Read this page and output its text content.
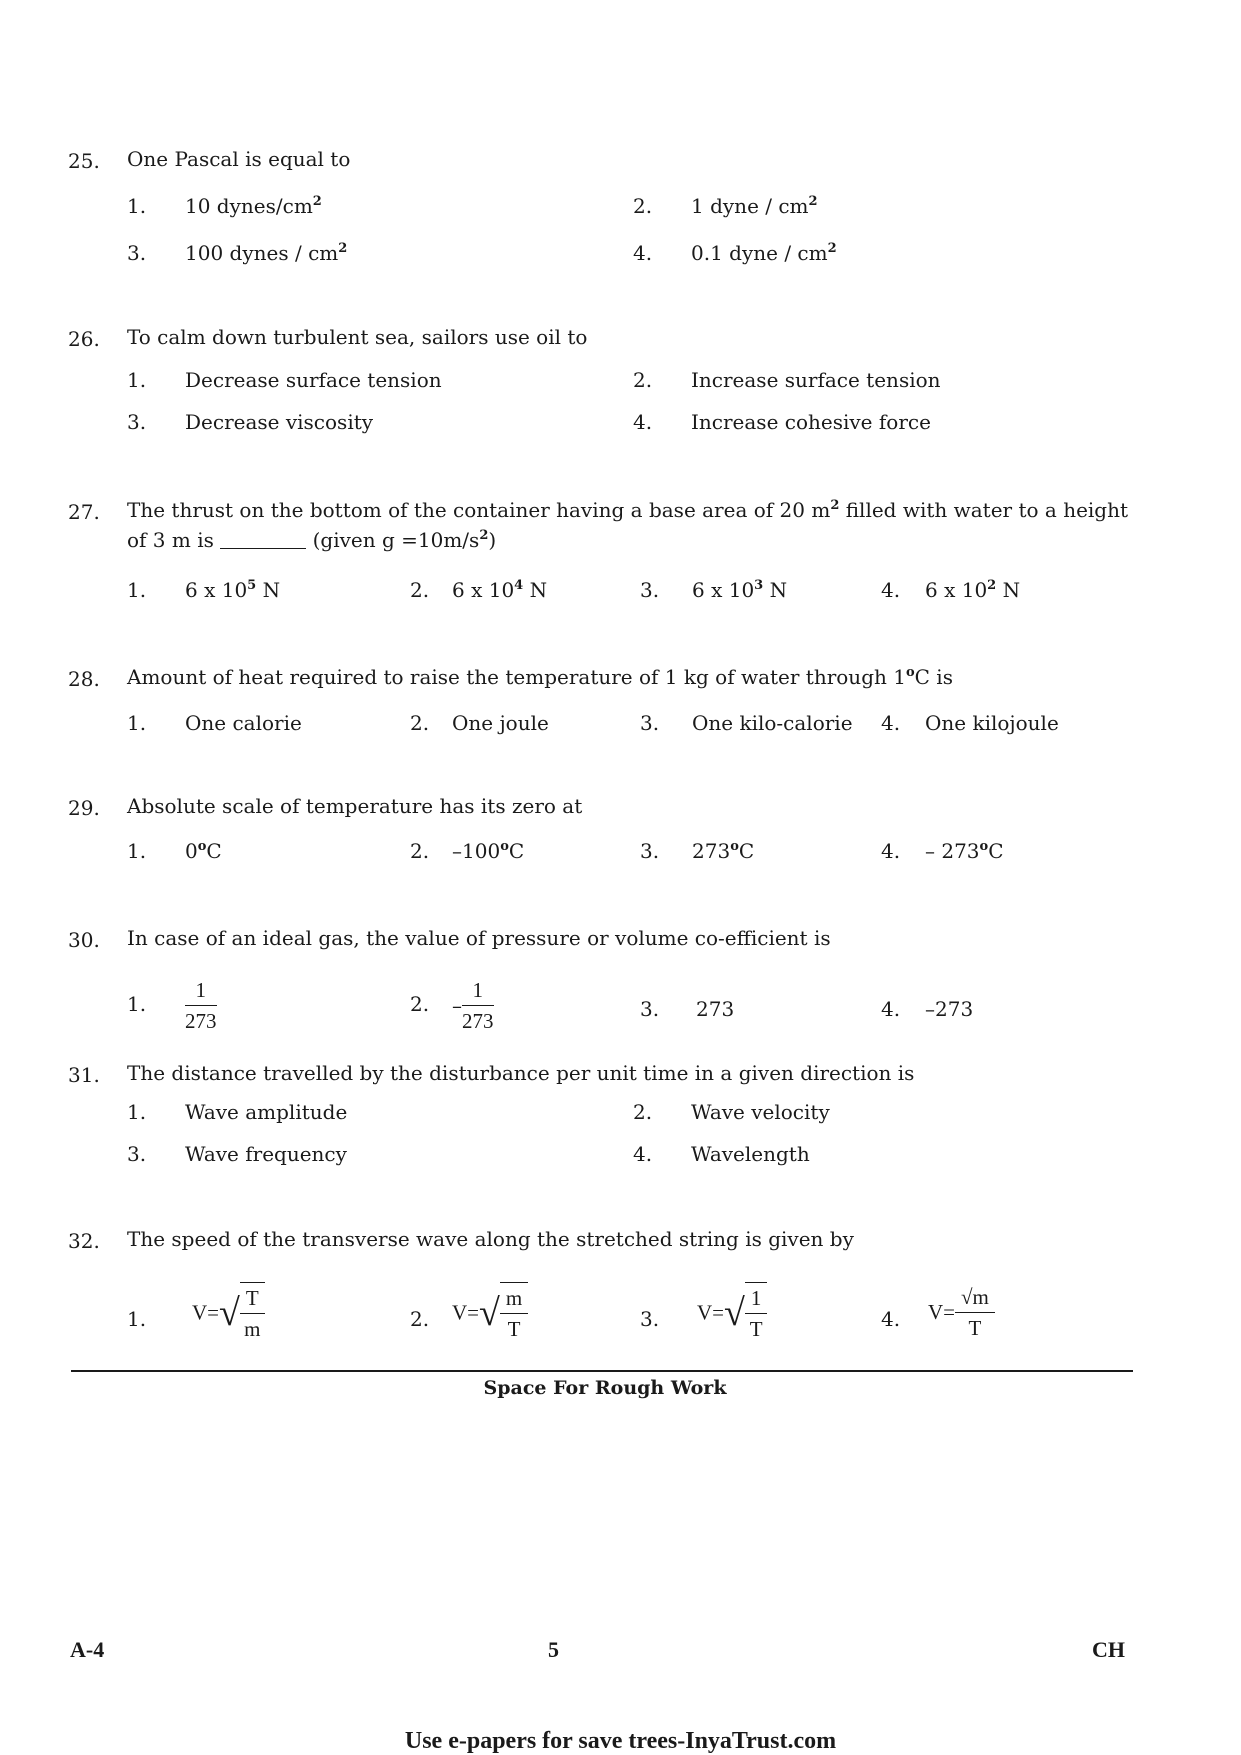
25. One Pascal is equal to
1. 10 dynes/$cm^2$	2. 1 dyne / $cm^2$
3. 100 dynes / $cm^2$	4. 0.1 dyne / $cm^2$
26. To calm down turbulent sea, sailors use oil to
1. Decrease surface tension	2. Increase surface tension
3. Decrease viscosity	4. Increase cohesive force
27. The thrust on the bottom of the container having a base area of 20 $m^2$ filled with water to a height of 3 m is	(given $g =10m/s^2$)
1. 6 x $10^5$ N	2. 6 x $10^4$ N	3. 6 x $10^3$ N	4. 6 x $10^2$ N
28. Amount of heat required to raise the temperature of 1 kg of water through 1$^o$C is
1. One calorie	2. One joule	3. One kilo-calorie 4. One kilojoule
29. Absolute scale of temperature has its zero at
1. 0$^o$C	2. –100$^o$C	3. 273$^o$C	4. – 273$^o$C
30. In case of an ideal gas, the value of pressure or volume co-efficient is
1. $\frac{1}{273}$	2. – $\frac{1}{273}$	3. 273	4. –273
31. The distance travelled by the disturbance per unit time in a given direction is
1. Wave amplitude	2. Wave velocity
3. Wave frequency	4. Wavelength
32. The speed of the transverse wave along the stretched string is given by
1. $V=√ \frac{T}{m}$	2. $V=√ \frac{m}{T}$	3. $V=√ \frac{1}{T}$	4. $V= \frac{√m}{T}$
Space For Rough Work
A-4	5	CH
Use e-papers for save trees-InyaTrust.com
